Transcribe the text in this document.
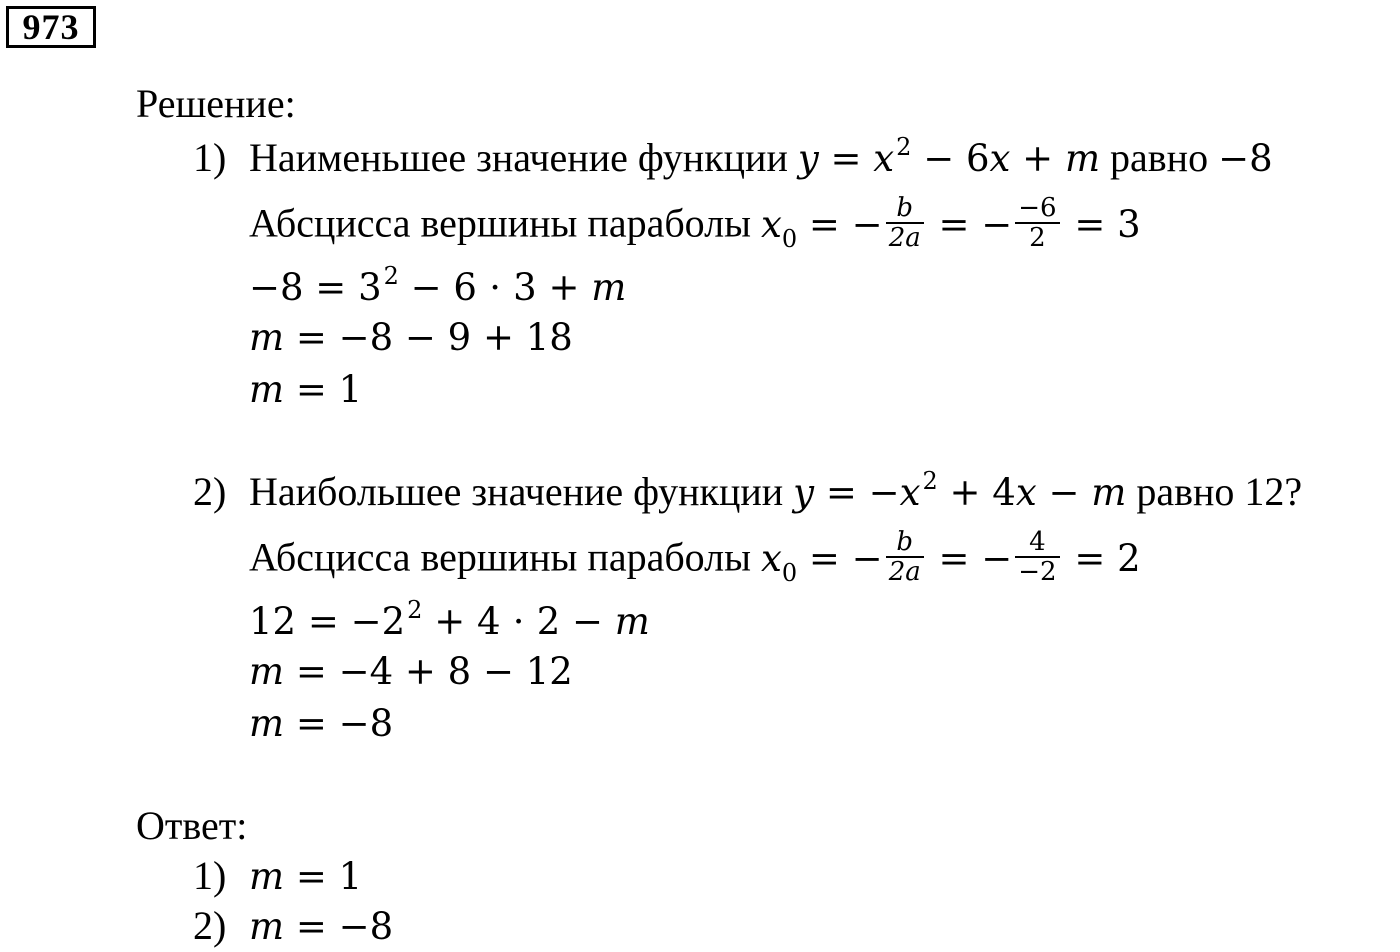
973
Решение:
1) Наименьшее значение функции $y = x^2 - 6x + m$ равно −8
Абсцисса вершины параболы $x_0$ = − $\frac{b}{2a}$ = − $\frac{-6}{2} = 3$
$-8 = 3^2 - 6 \cdot 3 + m$
m = −8 − 9 + 18
m = 1
2) Наибольшее значение функции $y = -x^2 + 4x - m$ равно 12?
Абсцисса вершины параболы $x_0$ = − $\frac{b}{2a}$ = − $\frac{4}{-2} = 2$
$12 = -2^2 + 4 \cdot 2 - m$
m = −4 + 8 − 12
m = −8
Ответ:
1) m = 1
2) m = −8
